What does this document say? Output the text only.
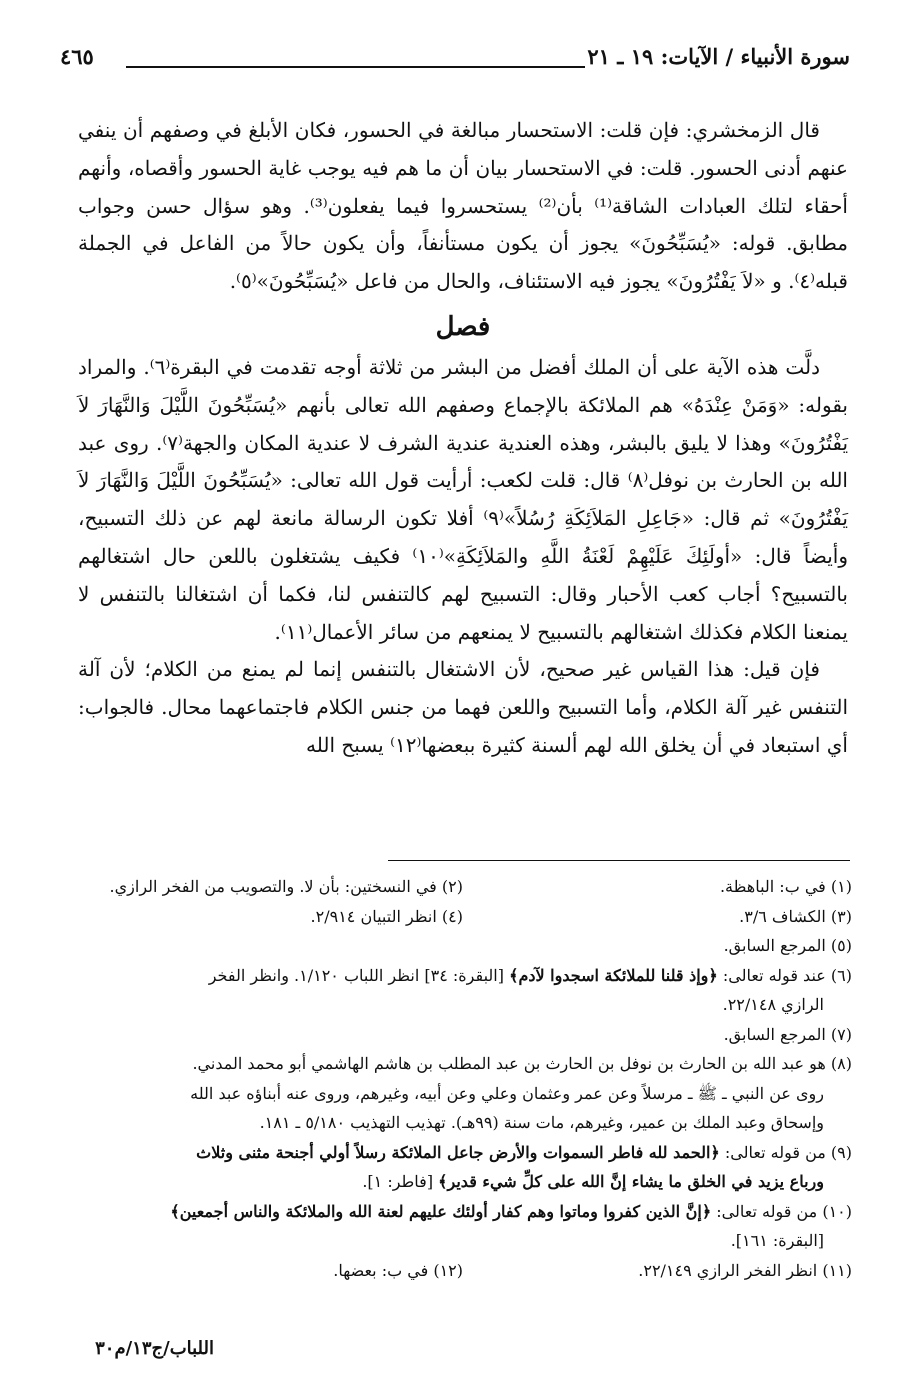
سورة الأنبياء / الآيات: ١٩ ـ ٢١
٤٦٥

قال الزمخشري: فإن قلت: الاستحسار مبالغة في الحسور، فكان الأبلغ في وصفهم أن ينفي عنهم أدنى الحسور. قلت: في الاستحسار بيان أن ما هم فيه يوجب غاية الحسور وأقصاه، وأنهم أحقاء لتلك العبادات الشاقة⁽¹⁾ بأن⁽²⁾ يستحسروا فيما يفعلون⁽³⁾. وهو سؤال حسن وجواب مطابق. قوله: «يُسَبِّحُونَ» يجوز أن يكون مستأنفاً، وأن يكون حالاً من الفاعل في الجملة قبله⁽٤⁾. و «لاَ يَفْتُرُونَ» يجوز فيه الاستئناف، والحال من فاعل «يُسَبِّحُونَ»⁽٥⁾.

فصل

دلَّت هذه الآية على أن الملك أفضل من البشر من ثلاثة أوجه تقدمت في البقرة⁽٦⁾. والمراد بقوله: «وَمَنْ عِنْدَهُ» هم الملائكة بالإجماع وصفهم الله تعالى بأنهم «يُسَبِّحُونَ اللَّيْلَ وَالنَّهَارَ لاَ يَفْتُرُونَ» وهذا لا يليق بالبشر، وهذه العندية عندية الشرف لا عندية المكان والجهة⁽٧⁾. روى عبد الله بن الحارث بن نوفل⁽٨⁾ قال: قلت لكعب: أرأيت قول الله تعالى: «يُسَبِّحُونَ اللَّيْلَ وَالنَّهَارَ لاَ يَفْتُرُونَ» ثم قال: «جَاعِلِ المَلاَئِكَةِ رُسُلاً»⁽٩⁾ أفلا تكون الرسالة مانعة لهم عن ذلك التسبيح، وأيضاً قال: «أولَئِكَ عَلَيْهِمْ لَعْنَةُ اللَّهِ والمَلاَئِكَةِ»⁽١٠⁾ فكيف يشتغلون باللعن حال اشتغالهم بالتسبيح؟ أجاب كعب الأحبار وقال: التسبيح لهم كالتنفس لنا، فكما أن اشتغالنا بالتنفس لا يمنعنا الكلام فكذلك اشتغالهم بالتسبيح لا يمنعهم من سائر الأعمال⁽١١⁾.

فإن قيل: هذا القياس غير صحيح، لأن الاشتغال بالتنفس إنما لم يمنع من الكلام؛ لأن آلة التنفس غير آلة الكلام، وأما التسبيح واللعن فهما من جنس الكلام فاجتماعهما محال. فالجواب: أي استبعاد في أن يخلق الله لهم ألسنة كثيرة ببعضها⁽١٢⁾ يسبح الله

(١) في ب: الباهظة.
(٢) في النسختين: بأن لا. والتصويب من الفخر الرازي.
(٣) الكشاف ٣/٦.
(٤) انظر التبيان ٢/٩١٤.

(٥) المرجع السابق.

(٦) عند قوله تعالى: ﴿وإذ قلنا للملائكة اسجدوا لآدم﴾ [البقرة: ٣٤] انظر اللباب ١/١٢٠. وانظر الفخر

الرازي ٢٢/١٤٨.

(٧) المرجع السابق.

(٨) هو عبد الله بن الحارث بن نوفل بن الحارث بن عبد المطلب بن هاشم الهاشمي أبو محمد المدني.

روى عن النبي ـ ﷺ ـ مرسلاً وعن عمر وعثمان وعلي وعن أبيه، وغيرهم، وروى عنه أبناؤه عبد الله

وإسحاق وعبد الملك بن عمير، وغيرهم، مات سنة (٩٩هـ). تهذيب التهذيب ٥/١٨٠ ـ ١٨١.

(٩) من قوله تعالى: ﴿الحمد لله فاطر السموات والأرض جاعل الملائكة رسلاً أولي أجنحة مثنى وثلاث

ورباع يزيد في الخلق ما يشاء إنَّ الله على كلِّ شيء قدير﴾ [فاطر: ١].

(١٠) من قوله تعالى: ﴿إنَّ الذين كفروا وماتوا وهم كفار أولئك عليهم لعنة الله والملائكة والناس أجمعين﴾

[البقرة: ١٦١].

(١١) انظر الفخر الرازي ٢٢/١٤٩.
(١٢) في ب: بعضها.
اللباب/ج١٣/م٣٠
